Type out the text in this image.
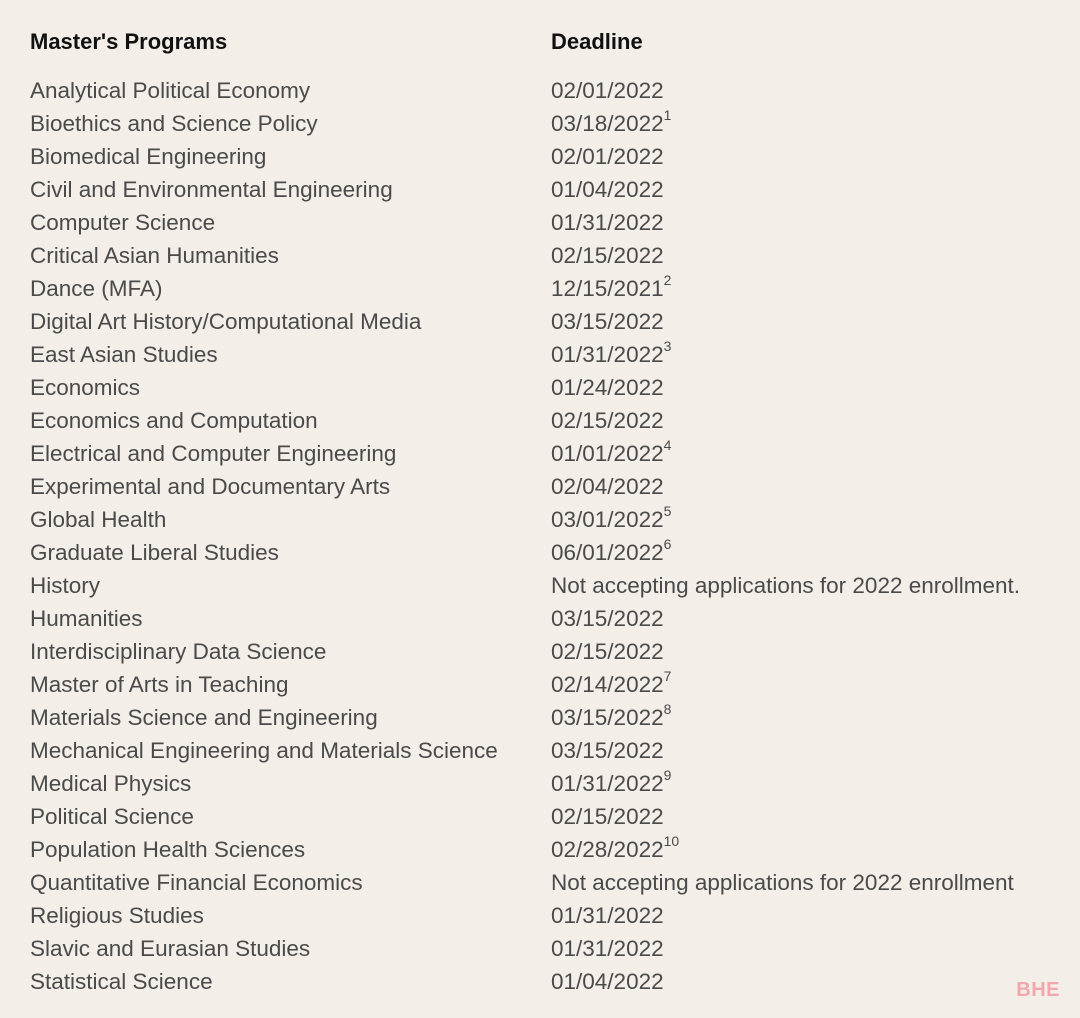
Master's Programs	Deadline
Analytical Political Economy	02/01/2022
Bioethics and Science Policy	03/18/2022$^1$
Biomedical Engineering	02/01/2022
Civil and Environmental Engineering	01/04/2022
Computer Science	01/31/2022
Critical Asian Humanities	02/15/2022
Dance (MFA)	12/15/2021$^2$
Digital Art History/Computational Media	03/15/2022
East Asian Studies	01/31/2022$^3$
Economics	01/24/2022
Economics and Computation	02/15/2022
Electrical and Computer Engineering	01/01/2022$^4$
Experimental and Documentary Arts	02/04/2022
Global Health	03/01/2022$^5$
Graduate Liberal Studies	06/01/2022$^6$
History	Not accepting applications for 2022 enrollment.
Humanities	03/15/2022
Interdisciplinary Data Science	02/15/2022
Master of Arts in Teaching	02/14/2022$^7$
Materials Science and Engineering	03/15/2022$^8$
Mechanical Engineering and Materials Science	03/15/2022
Medical Physics	01/31/2022$^9$
Political Science	02/15/2022
Population Health Sciences	02/28/2022$^{10}$
Quantitative Financial Economics	Not accepting applications for 2022 enrollment
Religious Studies	01/31/2022
Slavic and Eurasian Studies	01/31/2022
Statistical Science	01/04/2022	BHE
